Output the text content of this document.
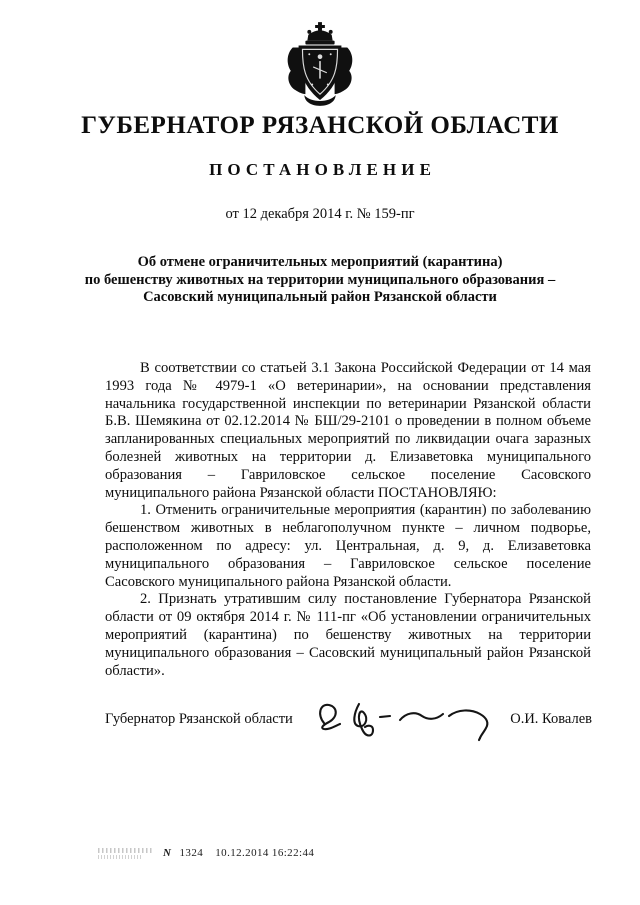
ГУБЕРНАТОР РЯЗАНСКОЙ ОБЛАСТИ
ПОСТАНОВЛЕНИЕ
от 12 декабря 2014 г. № 159-пг
Об отмене ограничительных мероприятий (карантина)
по бешенству животных на территории муниципального образования –
Сасовский муниципальный район Рязанской области
В соответствии со статьей 3.1 Закона Российской Федерации от 14 мая
1993 года № 4979-1 «О ветеринарии», на основании представления
начальника государственной инспекции по ветеринарии Рязанской области
Б.В. Шемякина от 02.12.2014 № БШ/29-2101 о проведении в полном объеме
запланированных специальных мероприятий по ликвидации очага заразных
болезней животных на территории д. Елизаветовка муниципального
образования – Гавриловское сельское поселение Сасовского
муниципального района Рязанской области ПОСТАНОВЛЯЮ:
1. Отменить ограничительные мероприятия (карантин) по заболеванию
бешенством животных в неблагополучном пункте – личном подворье,
расположенном по адресу: ул. Центральная, д. 9, д. Елизаветовка
муниципального образования – Гавриловское сельское поселение
Сасовского муниципального района Рязанской области.
2. Признать утратившим силу постановление Губернатора Рязанской
области от 09 октября 2014 г. № 111-пг «Об установлении ограничительных
мероприятий (карантина) по бешенству животных на территории
муниципального образования – Сасовский муниципальный район Рязанской
области».
Губернатор Рязанской области	О.И. Ковалев
N 1324 10.12.2014 16:22:44
